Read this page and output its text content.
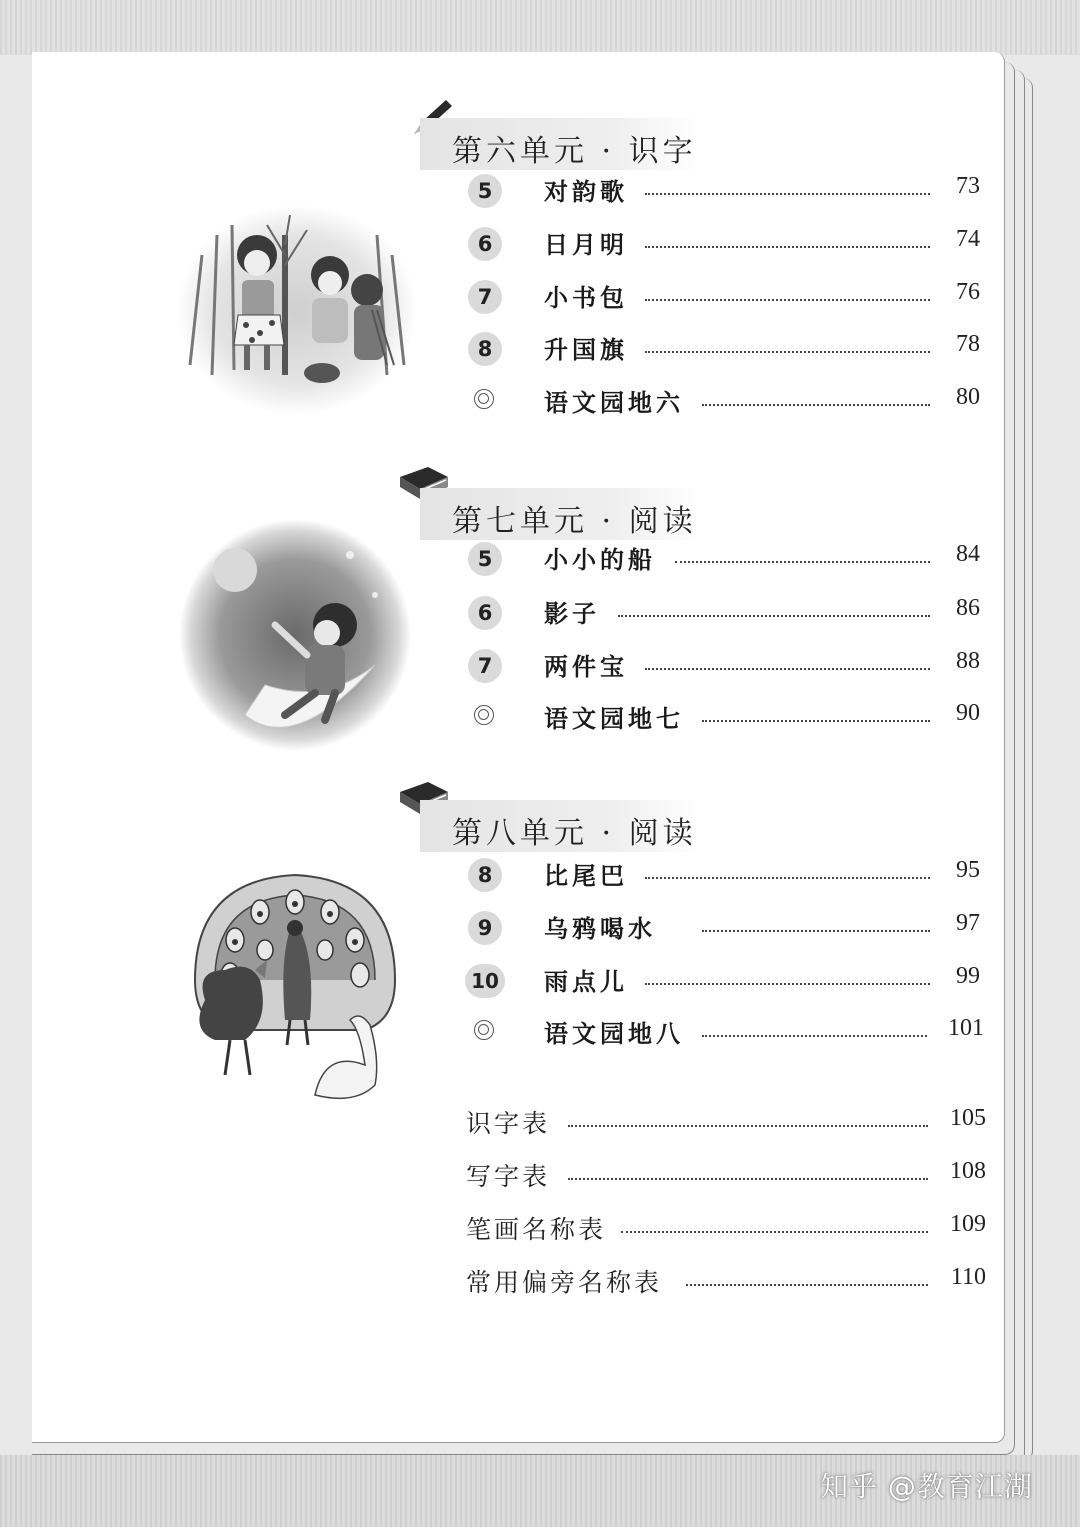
第六单元 · 识字
5	对韵歌	73
6	日月明	74
7	小书包	76
8	升国旗	78
语文园地六	80
第七单元 · 阅读
5	小小的船	84
6	影子	86
7	两件宝	88
语文园地七	90
第八单元 · 阅读
8	比尾巴	95
9	乌鸦喝水	97
10 雨点儿	99
语文园地八	101
识字表	105
写字表	108
笔画名称表	109
常用偏旁名称表	110
知乎 @教育江湖
